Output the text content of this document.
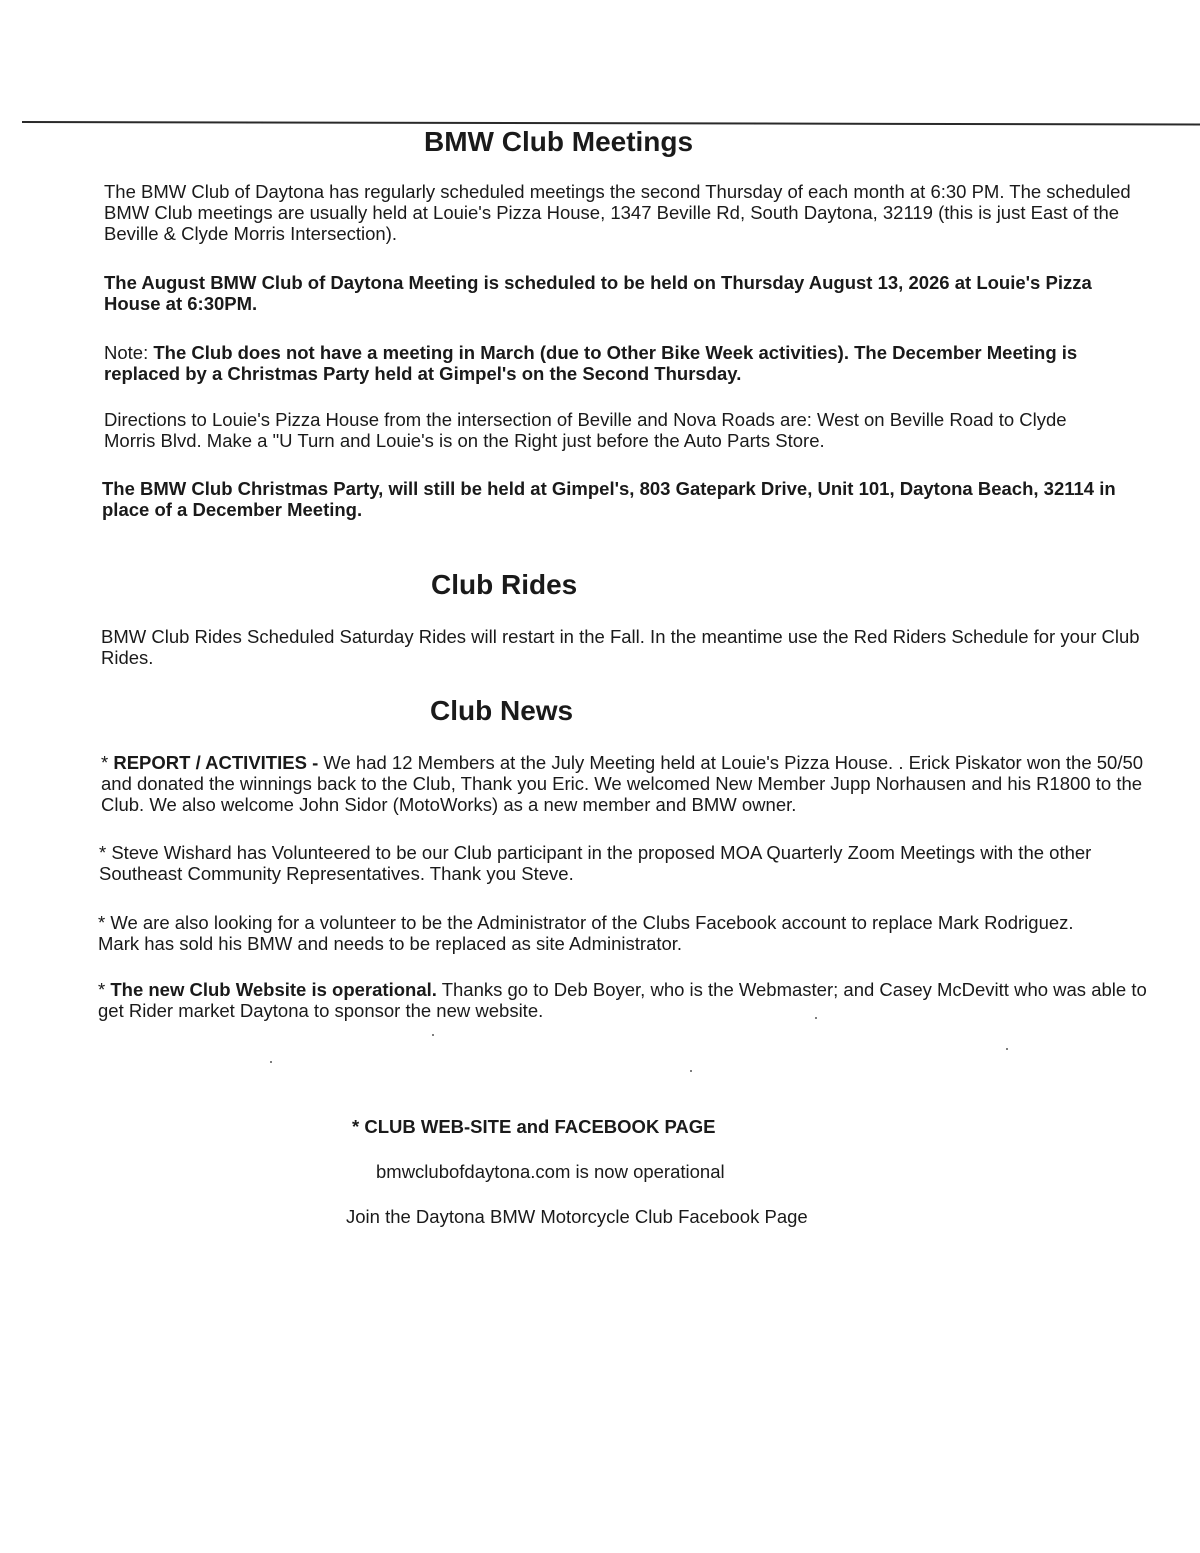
BMW Club Meetings

The BMW Club of Daytona has regularly scheduled meetings the second Thursday of each month at 6:30 PM. The scheduled BMW Club meetings are usually held at Louie's Pizza House, 1347 Beville Rd, South Daytona, 32119 (this is just East of the Beville & Clyde Morris Intersection).

The August BMW Club of Daytona Meeting is scheduled to be held on Thursday August 13, 2026 at Louie's Pizza House at 6:30PM.

Note: The Club does not have a meeting in March (due to Other Bike Week activities). The December Meeting is replaced by a Christmas Party held at Gimpel's on the Second Thursday.

Directions to Louie's Pizza House from the intersection of Beville and Nova Roads are: West on Beville Road to Clyde Morris Blvd. Make a "U Turn and Louie's is on the Right just before the Auto Parts Store.

The BMW Club Christmas Party, will still be held at Gimpel's, 803 Gatepark Drive, Unit 101, Daytona Beach, 32114 in place of a December Meeting.

Club Rides

BMW Club Rides Scheduled Saturday Rides will restart in the Fall. In the meantime use the Red Riders Schedule for your Club Rides.

Club News

* REPORT / ACTIVITIES - We had 12 Members at the July Meeting held at Louie's Pizza House. . Erick Piskator won the 50/50 and donated the winnings back to the Club, Thank you Eric. We welcomed New Member Jupp Norhausen and his R1800 to the Club. We also welcome John Sidor (MotoWorks) as a new member and BMW owner.

* Steve Wishard has Volunteered to be our Club participant in the proposed MOA Quarterly Zoom Meetings with the other Southeast Community Representatives. Thank you Steve.

* We are also looking for a volunteer to be the Administrator of the Clubs Facebook account to replace Mark Rodriguez. Mark has sold his BMW and needs to be replaced as site Administrator.

* The new Club Website is operational. Thanks go to Deb Boyer, who is the Webmaster; and Casey McDevitt who was able to get Rider market Daytona to sponsor the new website.

* CLUB WEB-SITE and FACEBOOK PAGE

bmwclubofdaytona.com is now operational

Join the Daytona BMW Motorcycle Club Facebook Page
